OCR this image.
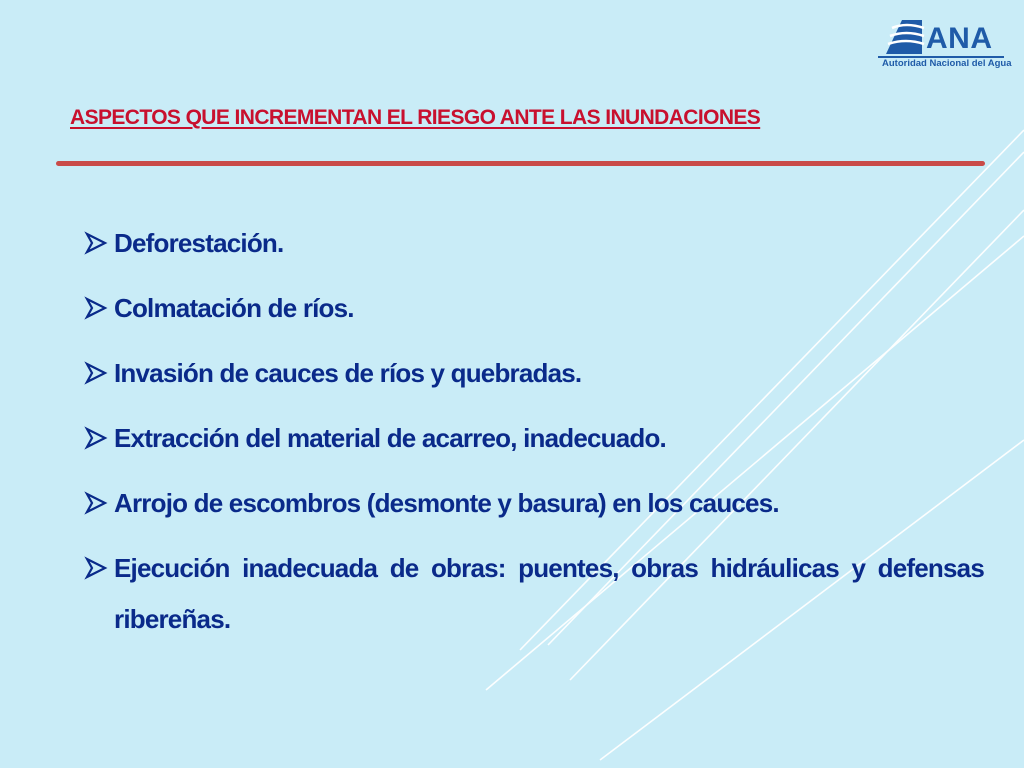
ANA
Autoridad Nacional del Agua
ASPECTOS QUE INCREMENTAN EL RIESGO ANTE LAS INUNDACIONES
Deforestación.
Colmatación de ríos.
Invasión de cauces de ríos y quebradas.
Extracción del material de acarreo, inadecuado.
Arrojo de escombros (desmonte y basura) en los cauces.
Ejecución inadecuada de obras: puentes, obras hidráulicas y defensas ribereñas.
